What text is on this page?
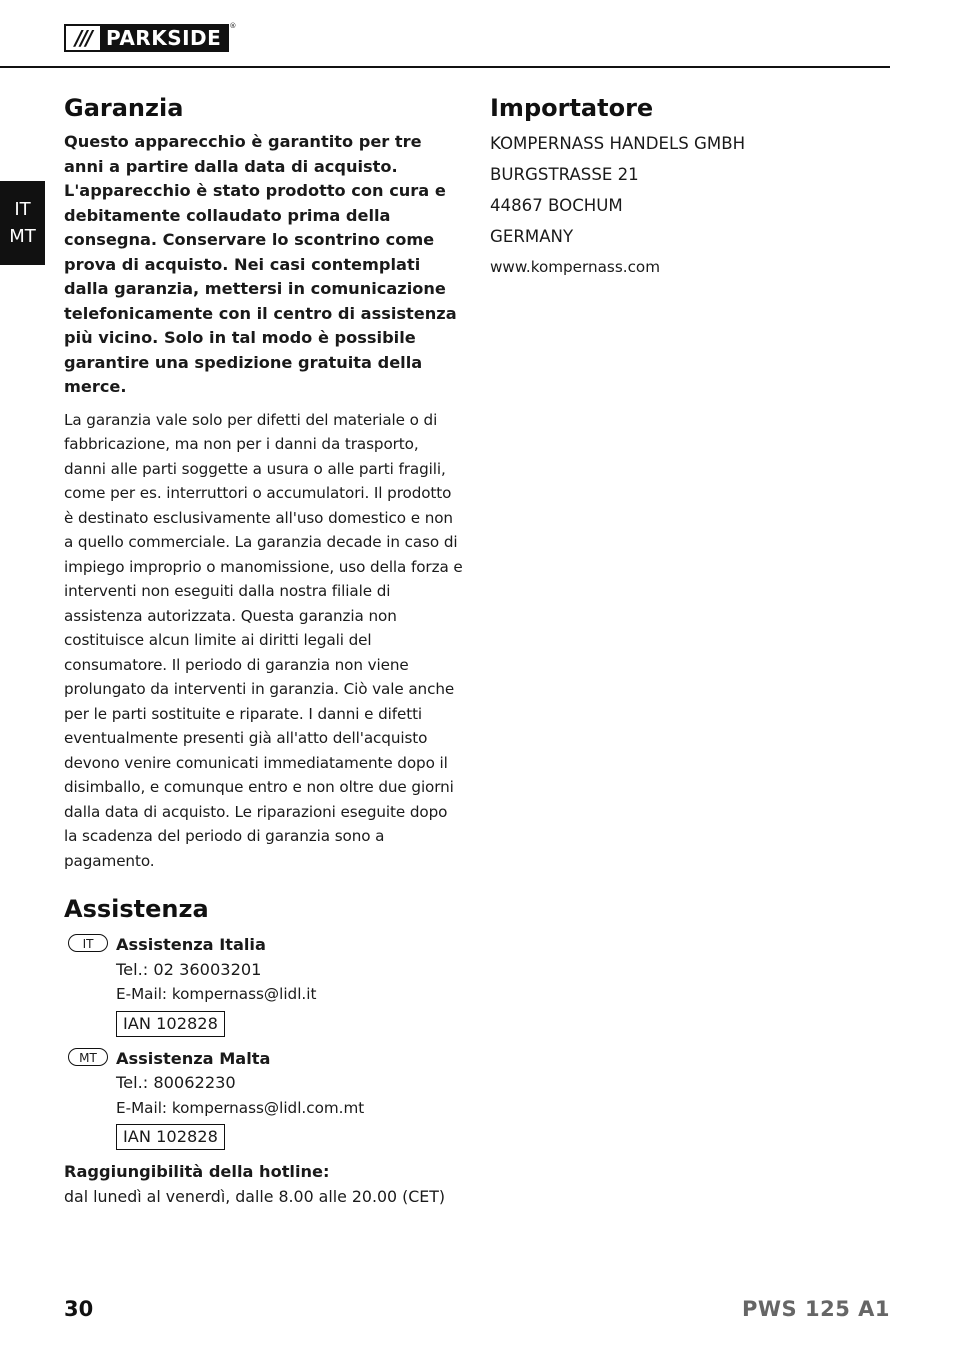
/// PARKSIDE	®
IT
MT
Garanzia

Questo apparecchio è garantito per tre anni a partire dalla data di acquisto. L'apparecchio è stato prodotto con cura e debitamente collaudato prima della consegna. Conservare lo scontrino come prova di acquisto. Nei casi contemplati dalla garanzia, mettersi in comunicazione telefonicamente con il centro di assistenza più vicino. Solo in tal modo è possibile garantire una spedizione gratuita della merce.

La garanzia vale solo per difetti del materiale o di fabbricazione, ma non per i danni da trasporto, danni alle parti soggette a usura o alle parti fragili, come per es. interruttori o accumulatori. Il prodotto è destinato esclusivamente all'uso domestico e non a quello commerciale. La garanzia decade in caso di impiego improprio o manomissione, uso della forza e interventi non eseguiti dalla nostra filiale di assistenza autorizzata. Questa garanzia non costituisce alcun limite ai diritti legali del consumatore. Il periodo di garanzia non viene prolungato da interventi in garanzia. Ciò vale anche per le parti sostituite e riparate. I danni e difetti eventualmente presenti già all'atto dell'acquisto devono venire comunicati immediatamente dopo il disimballo, e comunque entro e non oltre due giorni dalla data di acquisto. Le riparazioni eseguite dopo la scadenza del periodo di garanzia sono a pagamento.

Assistenza
IT	Assistenza Italia
Tel.: 02 36003201
E-Mail: kompernass@lidl.it
IAN 102828
MT	Assistenza Malta
Tel.: 80062230
E-Mail: kompernass@lidl.com.mt
IAN 102828
Raggiungibilità della hotline:
dal lunedì al venerdì, dalle 8.00 alle 20.00 (CET)
Importatore

KOMPERNASS HANDELS GMBH

BURGSTRASSE 21

44867 BOCHUM

GERMANY

www.kompernass.com

30	PWS 125 A1
